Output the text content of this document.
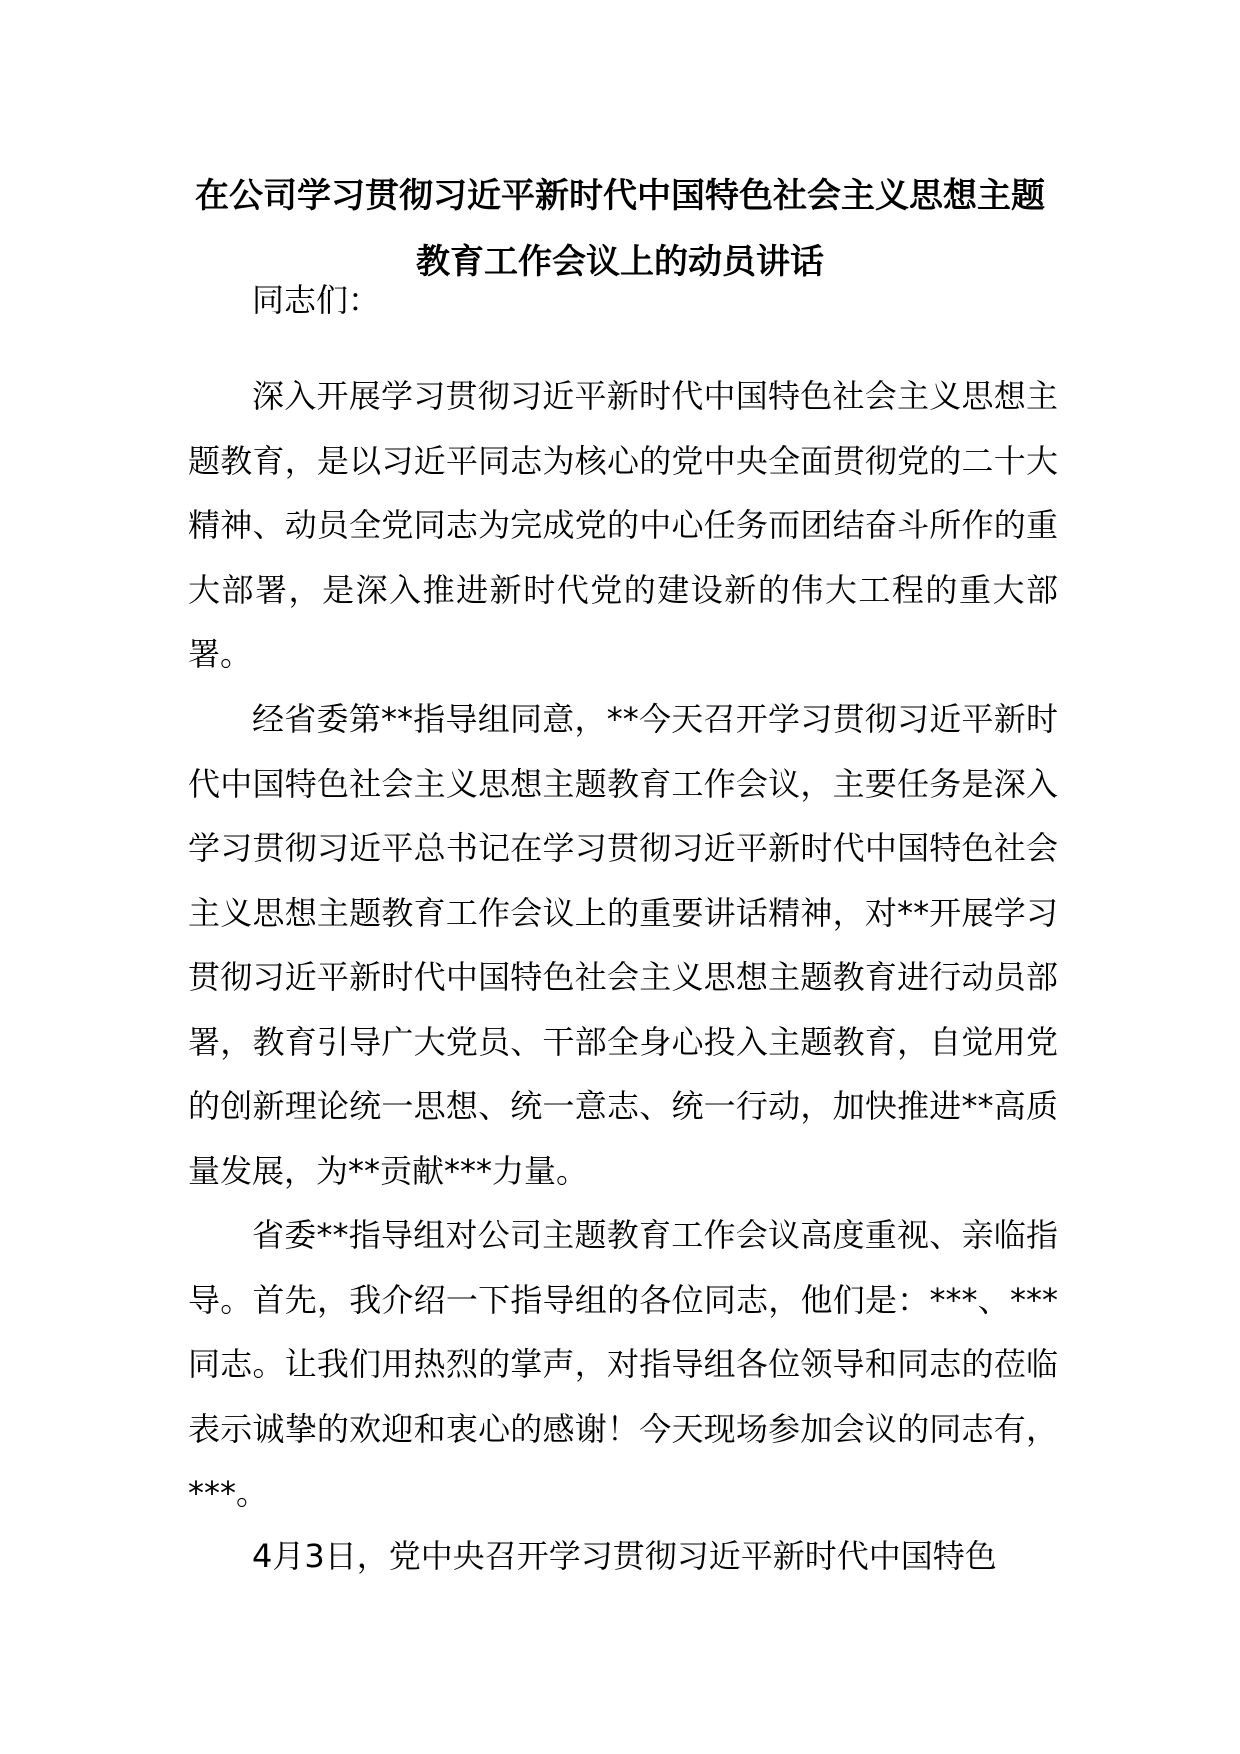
在公司学习贯彻习近平新时代中国特色社会主义思想主题
教育工作会议上的动员讲话
同志们：

深入开展学习贯彻习近平新时代中国特色社会主义思想主题教育，是以习近平同志为核心的党中央全面贯彻党的二十大精神、动员全党同志为完成党的中心任务而团结奋斗所作的重大部署，是深入推进新时代党的建设新的伟大工程的重大部署。

经省委第**指导组同意，**今天召开学习贯彻习近平新时代中国特色社会主义思想主题教育工作会议，主要任务是深入学习贯彻习近平总书记在学习贯彻习近平新时代中国特色社会主义思想主题教育工作会议上的重要讲话精神，对**开展学习贯彻习近平新时代中国特色社会主义思想主题教育进行动员部署，教育引导广大党员、干部全身心投入主题教育，自觉用党的创新理论统一思想、统一意志、统一行动，加快推进**高质量发展，为**贡献***力量。

省委**指导组对公司主题教育工作会议高度重视、亲临指导。首先，我介绍一下指导组的各位同志，他们是：***、***同志。让我们用热烈的掌声，对指导组各位领导和同志的莅临表示诚挚的欢迎和衷心的感谢！今天现场参加会议的同志有，***。

4月3日，党中央召开学习贯彻习近平新时代中国特色
